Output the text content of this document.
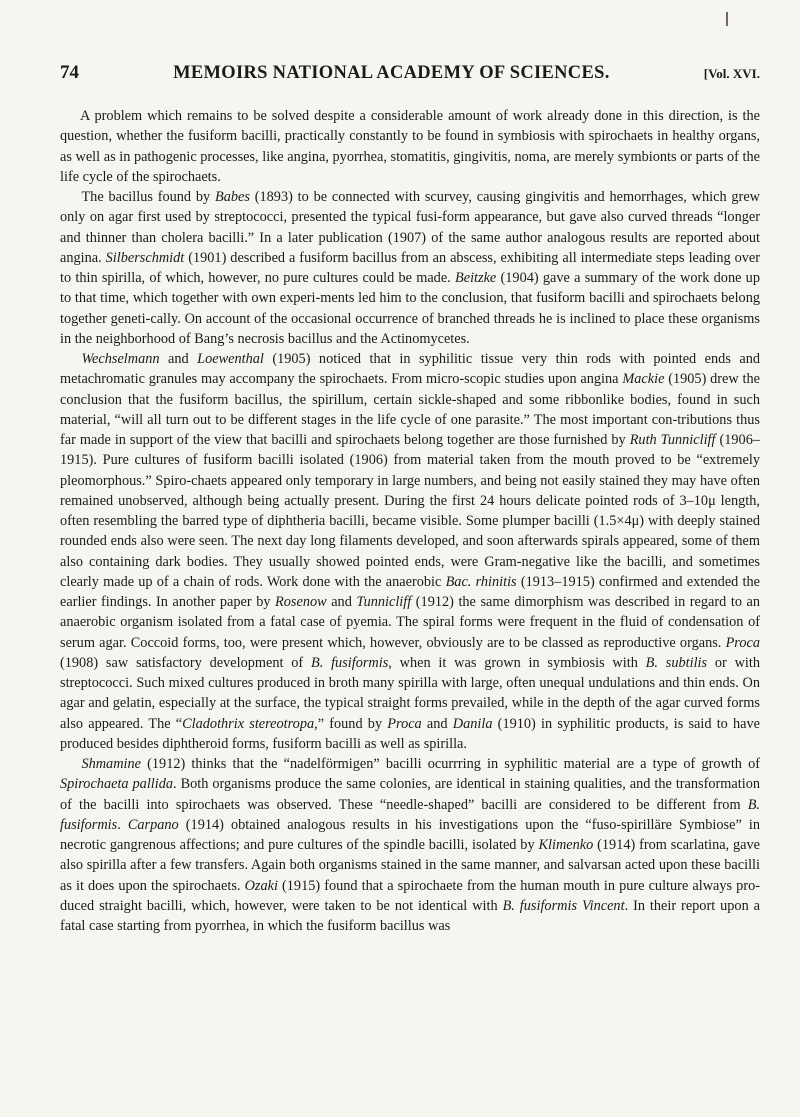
74	MEMOIRS NATIONAL ACADEMY OF SCIENCES.	[Vol. XVI.

A problem which remains to be solved despite a considerable amount of work already done in this direction, is the question, whether the fusiform bacilli, practically constantly to be found in symbiosis with spirochaets in healthy organs, as well as in pathogenic processes, like angina, pyorrhea, stomatitis, gingivitis, noma, are merely symbionts or parts of the life cycle of the spirochaets.

The bacillus found by Babes (1893) to be connected with scurvey, causing gingivitis and hemorrhages, which grew only on agar first used by streptococci, presented the typical fusi-form appearance, but gave also curved threads “longer and thinner than cholera bacilli.” In a later publication (1907) of the same author analogous results are reported about angina. Silberschmidt (1901) described a fusiform bacillus from an abscess, exhibiting all intermediate steps leading over to thin spirilla, of which, however, no pure cultures could be made. Beitzke (1904) gave a summary of the work done up to that time, which together with own experi-ments led him to the conclusion, that fusiform bacilli and spirochaets belong together geneti-cally. On account of the occasional occurrence of branched threads he is inclined to place these organisms in the neighborhood of Bang’s necrosis bacillus and the Actinomycetes.

Wechselmann and Loewenthal (1905) noticed that in syphilitic tissue very thin rods with pointed ends and metachromatic granules may accompany the spirochaets. From micro-scopic studies upon angina Mackie (1905) drew the conclusion that the fusiform bacillus, the spirillum, certain sickle-shaped and some ribbonlike bodies, found in such material, “will all turn out to be different stages in the life cycle of one parasite.” The most important con-tributions thus far made in support of the view that bacilli and spirochaets belong together are those furnished by Ruth Tunnicliff (1906–1915). Pure cultures of fusiform bacilli isolated (1906) from material taken from the mouth proved to be “extremely pleomorphous.” Spiro-chaets appeared only temporary in large numbers, and being not easily stained they may have often remained unobserved, although being actually present. During the first 24 hours delicate pointed rods of 3–10μ length, often resembling the barred type of diphtheria bacilli, became visible. Some plumper bacilli (1.5×4μ) with deeply stained rounded ends also were seen. The next day long filaments developed, and soon afterwards spirals appeared, some of them also containing dark bodies. They usually showed pointed ends, were Gram-negative like the bacilli, and sometimes clearly made up of a chain of rods. Work done with the anaerobic Bac. rhinitis (1913–1915) confirmed and extended the earlier findings. In another paper by Rosenow and Tunnicliff (1912) the same dimorphism was described in regard to an anaerobic organism isolated from a fatal case of pyemia. The spiral forms were frequent in the fluid of condensation of serum agar. Coccoid forms, too, were present which, however, obviously are to be classed as reproductive organs. Proca (1908) saw satisfactory development of B. fusiformis, when it was grown in symbiosis with B. subtilis or with streptococci. Such mixed cultures produced in broth many spirilla with large, often unequal undulations and thin ends. On agar and gelatin, especially at the surface, the typical straight forms prevailed, while in the depth of the agar curved forms also appeared. The “Cladothrix stereotropa,” found by Proca and Danila (1910) in syphilitic products, is said to have produced besides diphtheroid forms, fusiform bacilli as well as spirilla.

Shmamine (1912) thinks that the “nadelförmigen” bacilli ocurrring in syphilitic material are a type of growth of Spirochaeta pallida. Both organisms produce the same colonies, are identical in staining qualities, and the transformation of the bacilli into spirochaets was observed. These “needle-shaped” bacilli are considered to be different from B. fusiformis. Carpano (1914) obtained analogous results in his investigations upon the “fuso-spirilläre Symbiose” in necrotic gangrenous affections; and pure cultures of the spindle bacilli, isolated by Klimenko (1914) from scarlatina, gave also spirilla after a few transfers. Again both organisms stained in the same manner, and salvarsan acted upon these bacilli as it does upon the spirochaets. Ozaki (1915) found that a spirochaete from the human mouth in pure culture always pro-duced straight bacilli, which, however, were taken to be not identical with B. fusiformis Vincent. In their report upon a fatal case starting from pyorrhea, in which the fusiform bacillus was
